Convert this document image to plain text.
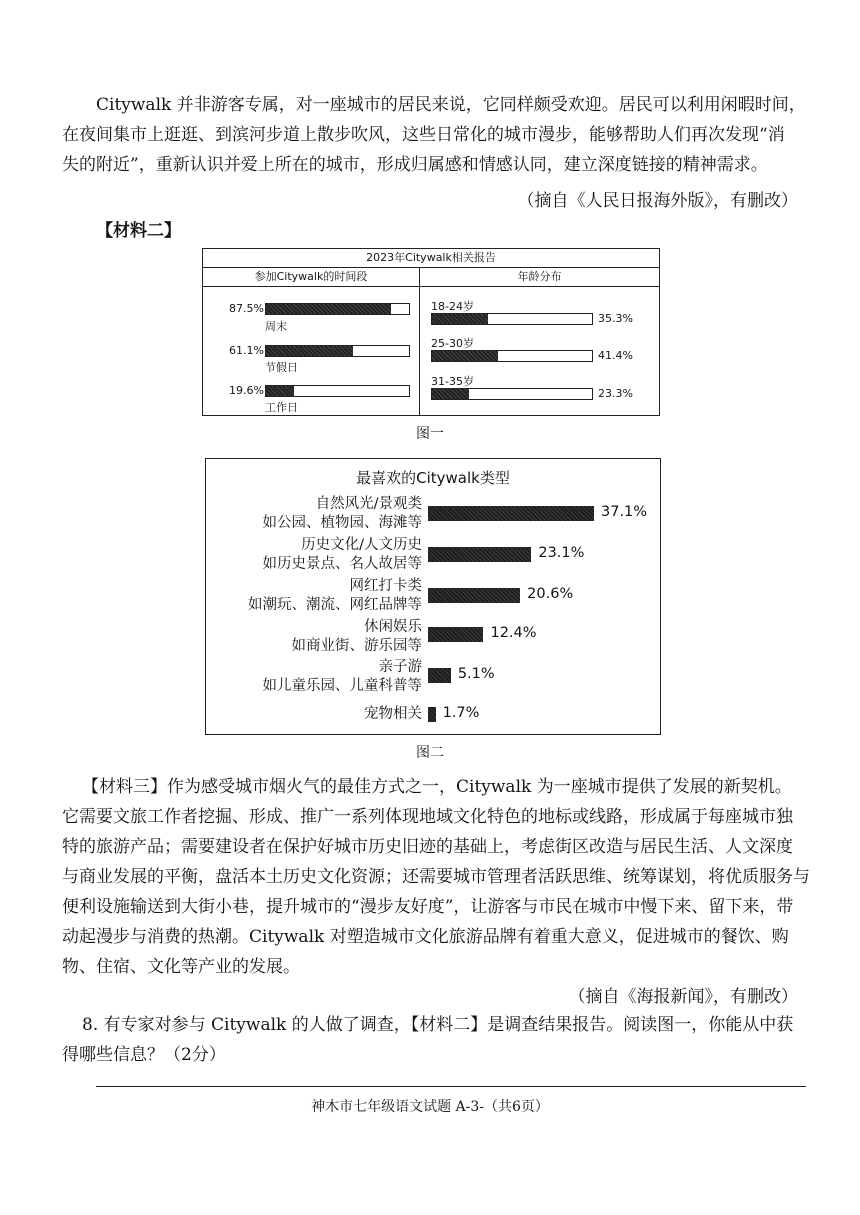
Citywalk 并非游客专属，对一座城市的居民来说，它同样颇受欢迎。居民可以利用闲暇时间，
在夜间集市上逛逛、到滨河步道上散步吹风，这些日常化的城市漫步，能够帮助人们再次发现“消
失的附近”，重新认识并爱上所在的城市，形成归属感和情感认同，建立深度链接的精神需求。
（摘自《人民日报海外版》，有删改）
【材料二】
2023年Citywalk相关报告
参加Citywalk的时间段	年龄分布
87.5%
周末
61.1%
节假日
19.6%
工作日
18-24岁
35.3%
25-30岁
41.4%
31-35岁
23.3%
图一
最喜欢的Citywalk类型
自然风光/景观类
如公园、植物园、海滩等
37.1%
历史文化/人文历史
如历史景点、名人故居等
23.1%
网红打卡类
如潮玩、潮流、网红品牌等
20.6%
休闲娱乐
如商业街、游乐园等
12.4%
亲子游
如儿童乐园、儿童科普等
5.1%
宠物相关 1.7%
图二
【材料三】作为感受城市烟火气的最佳方式之一，Citywalk 为一座城市提供了发展的新契机。
它需要文旅工作者挖掘、形成、推广一系列体现地域文化特色的地标或线路，形成属于每座城市独
特的旅游产品；需要建设者在保护好城市历史旧迹的基础上，考虑街区改造与居民生活、人文深度
与商业发展的平衡，盘活本土历史文化资源；还需要城市管理者活跃思维、统筹谋划，将优质服务与
便利设施输送到大街小巷，提升城市的“漫步友好度”，让游客与市民在城市中慢下来、留下来，带
动起漫步与消费的热潮。Citywalk 对塑造城市文化旅游品牌有着重大意义，促进城市的餐饮、购
物、住宿、文化等产业的发展。
（摘自《海报新闻》，有删改）
8. 有专家对参与 Citywalk 的人做了调查，【材料二】是调查结果报告。阅读图一，你能从中获
得哪些信息？（2分）
神木市七年级语文试题 A-3-（共6页）
